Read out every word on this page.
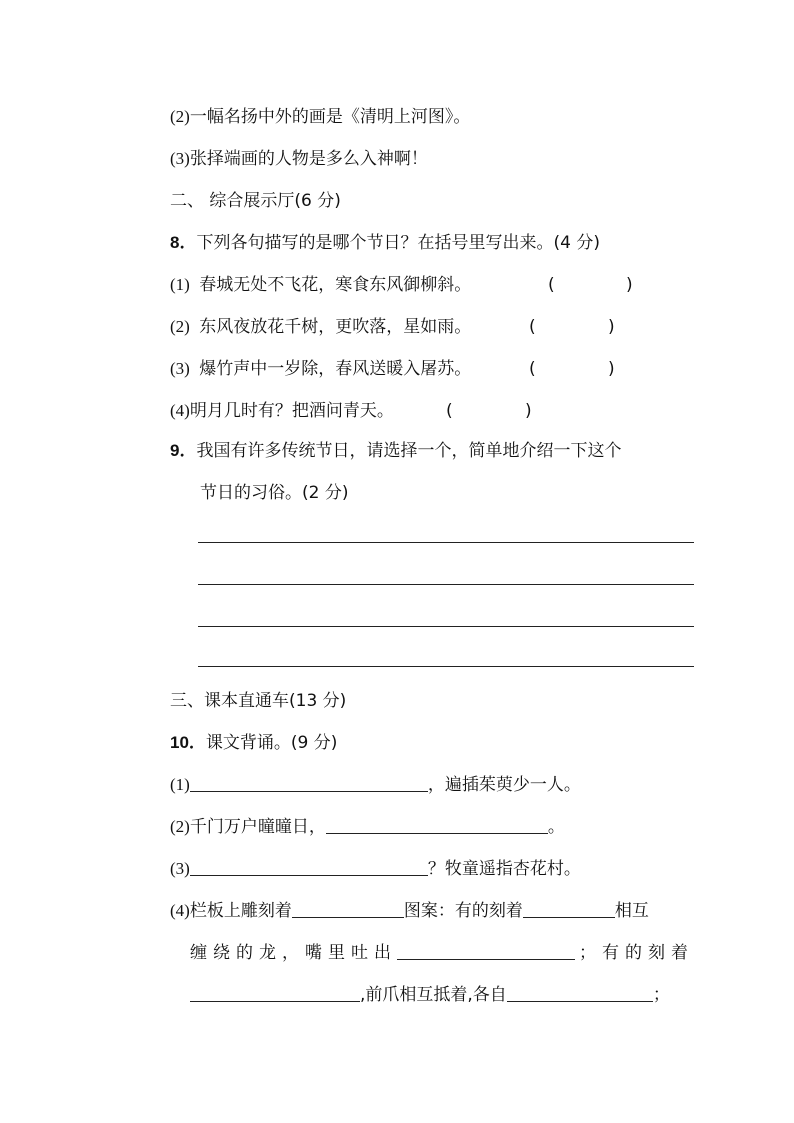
(2)一幅名扬中外的画是《清明上河图》。
(3)张择端画的人物是多么入神啊！
二、 综合展示厅(6 分)
8．下列各句描写的是哪个节日？在括号里写出来。(4 分)
(1) 春城无处不飞花，寒食东风御柳斜。	(	)
(2) 东风夜放花千树，更吹落，星如雨。	(	)
(3) 爆竹声中一岁除，春风送暖入屠苏。	(	)
(4)明月几时有？把酒问青天。	(	)
9．我国有许多传统节日，请选择一个，简单地介绍一下这个
节日的习俗。(2 分)
三、课本直通车(13 分)
10．课文背诵。(9 分)
(1)	，遍插茱萸少一人。
(2)千门万户曈曈日，	。
(3)	？牧童遥指杏花村。
(4)栏板上雕刻着	图案：有的刻着	相互
缠绕的龙，嘴里吐出	；有的刻着
,前爪相互抵着,各自	；
